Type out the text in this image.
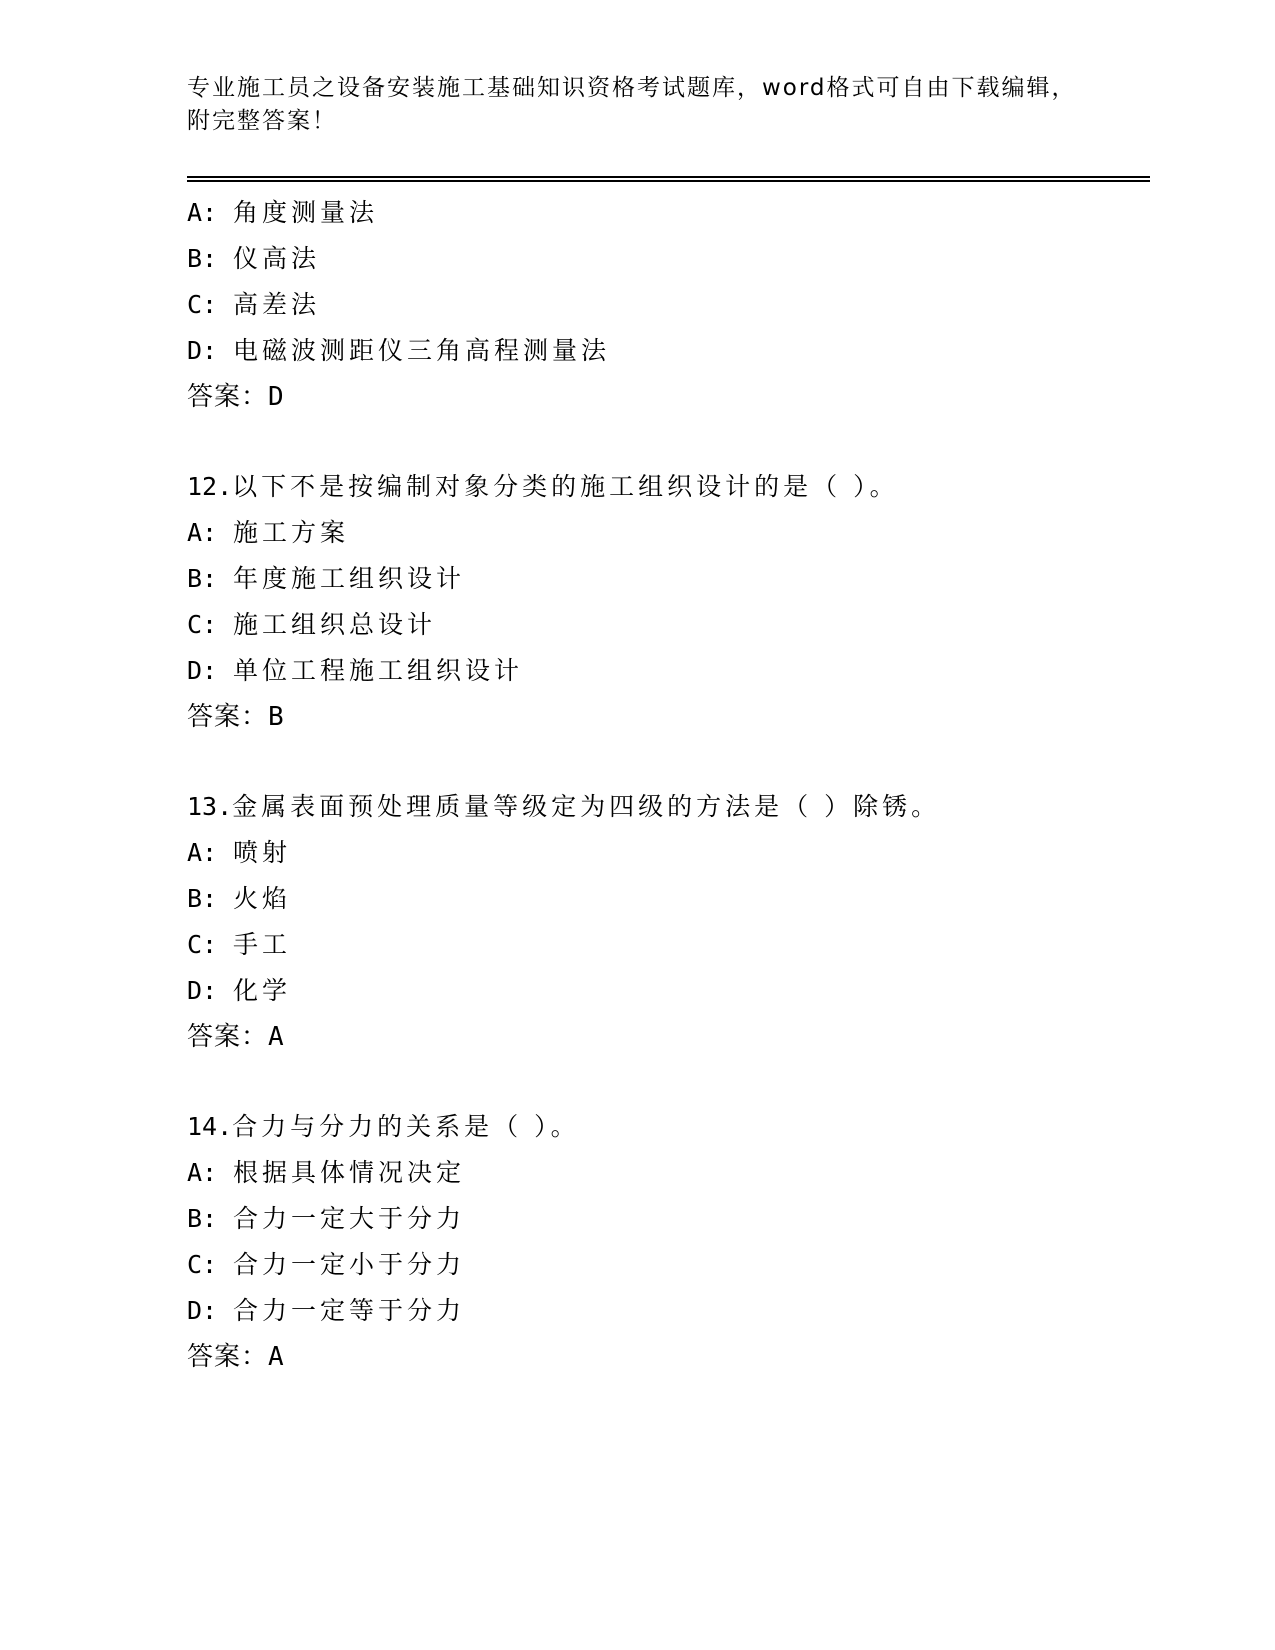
专业施工员之设备安装施工基础知识资格考试题库，word格式可自由下载编辑，
附完整答案！
A: 角度测量法
B: 仪高法
C: 高差法
D: 电磁波测距仪三角高程测量法
答案：D
12.以下不是按编制对象分类的施工组织设计的是（ ）。
A: 施工方案
B: 年度施工组织设计
C: 施工组织总设计
D: 单位工程施工组织设计
答案：B
13.金属表面预处理质量等级定为四级的方法是（ ）除锈。
A: 喷射
B: 火焰
C: 手工
D: 化学
答案：A
14.合力与分力的关系是（ ）。
A: 根据具体情况决定
B: 合力一定大于分力
C: 合力一定小于分力
D: 合力一定等于分力
答案：A
